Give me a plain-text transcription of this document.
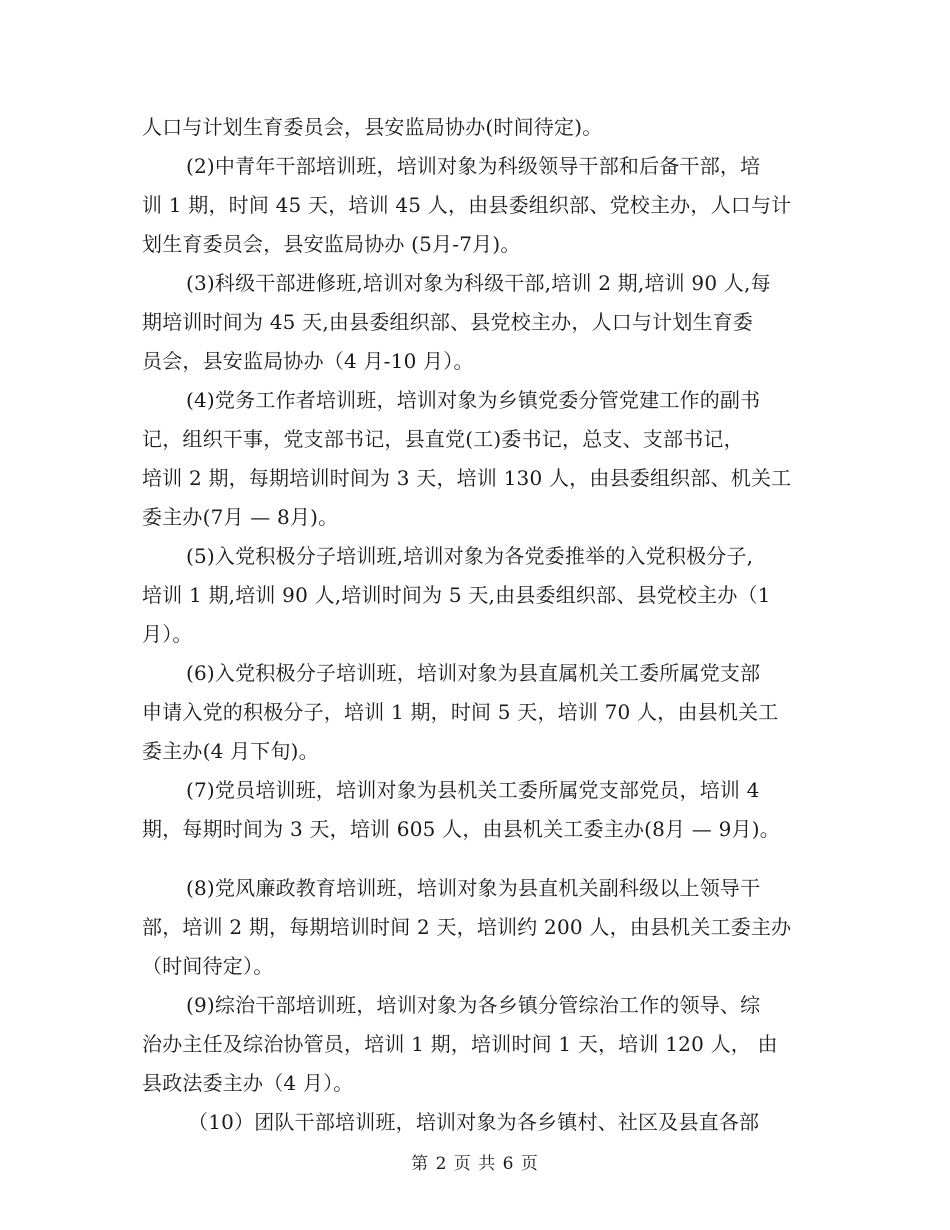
人口与计划生育委员会，县安监局协办(时间待定)。
(2)中青年干部培训班，培训对象为科级领导干部和后备干部，培
训 1 期，时间 45 天，培训 45 人，由县委组织部、党校主办，人口与计
划生育委员会，县安监局协办 (5月-7月)。
(3)科级干部进修班,培训对象为科级干部,培训 2 期,培训 90 人,每
期培训时间为 45 天,由县委组织部、县党校主办，人口与计划生育委
员会，县安监局协办（4 月-10 月）。
(4)党务工作者培训班，培训对象为乡镇党委分管党建工作的副书
记，组织干事，党支部书记，县直党(工)委书记，总支、支部书记，
培训 2 期，每期培训时间为 3 天，培训 130 人，由县委组织部、机关工
委主办(7月 — 8月)。
(5)入党积极分子培训班,培训对象为各党委推举的入党积极分子,
培训 1 期,培训 90 人,培训时间为 5 天,由县委组织部、县党校主办（1
月）。
(6)入党积极分子培训班，培训对象为县直属机关工委所属党支部
申请入党的积极分子，培训 1 期，时间 5 天，培训 70 人，由县机关工
委主办(4 月下旬)。
(7)党员培训班，培训对象为县机关工委所属党支部党员，培训 4
期，每期时间为 3 天，培训 605 人，由县机关工委主办(8月 — 9月)。
(8)党风廉政教育培训班，培训对象为县直机关副科级以上领导干
部，培训 2 期，每期培训时间 2 天，培训约 200 人，由县机关工委主办
（时间待定）。
(9)综治干部培训班，培训对象为各乡镇分管综治工作的领导、综
治办主任及综治协管员，培训 1 期，培训时间 1 天，培训 120 人， 由
县政法委主办（4 月）。
（10）团队干部培训班，培训对象为各乡镇村、社区及县直各部
第 2 页 共 6 页
